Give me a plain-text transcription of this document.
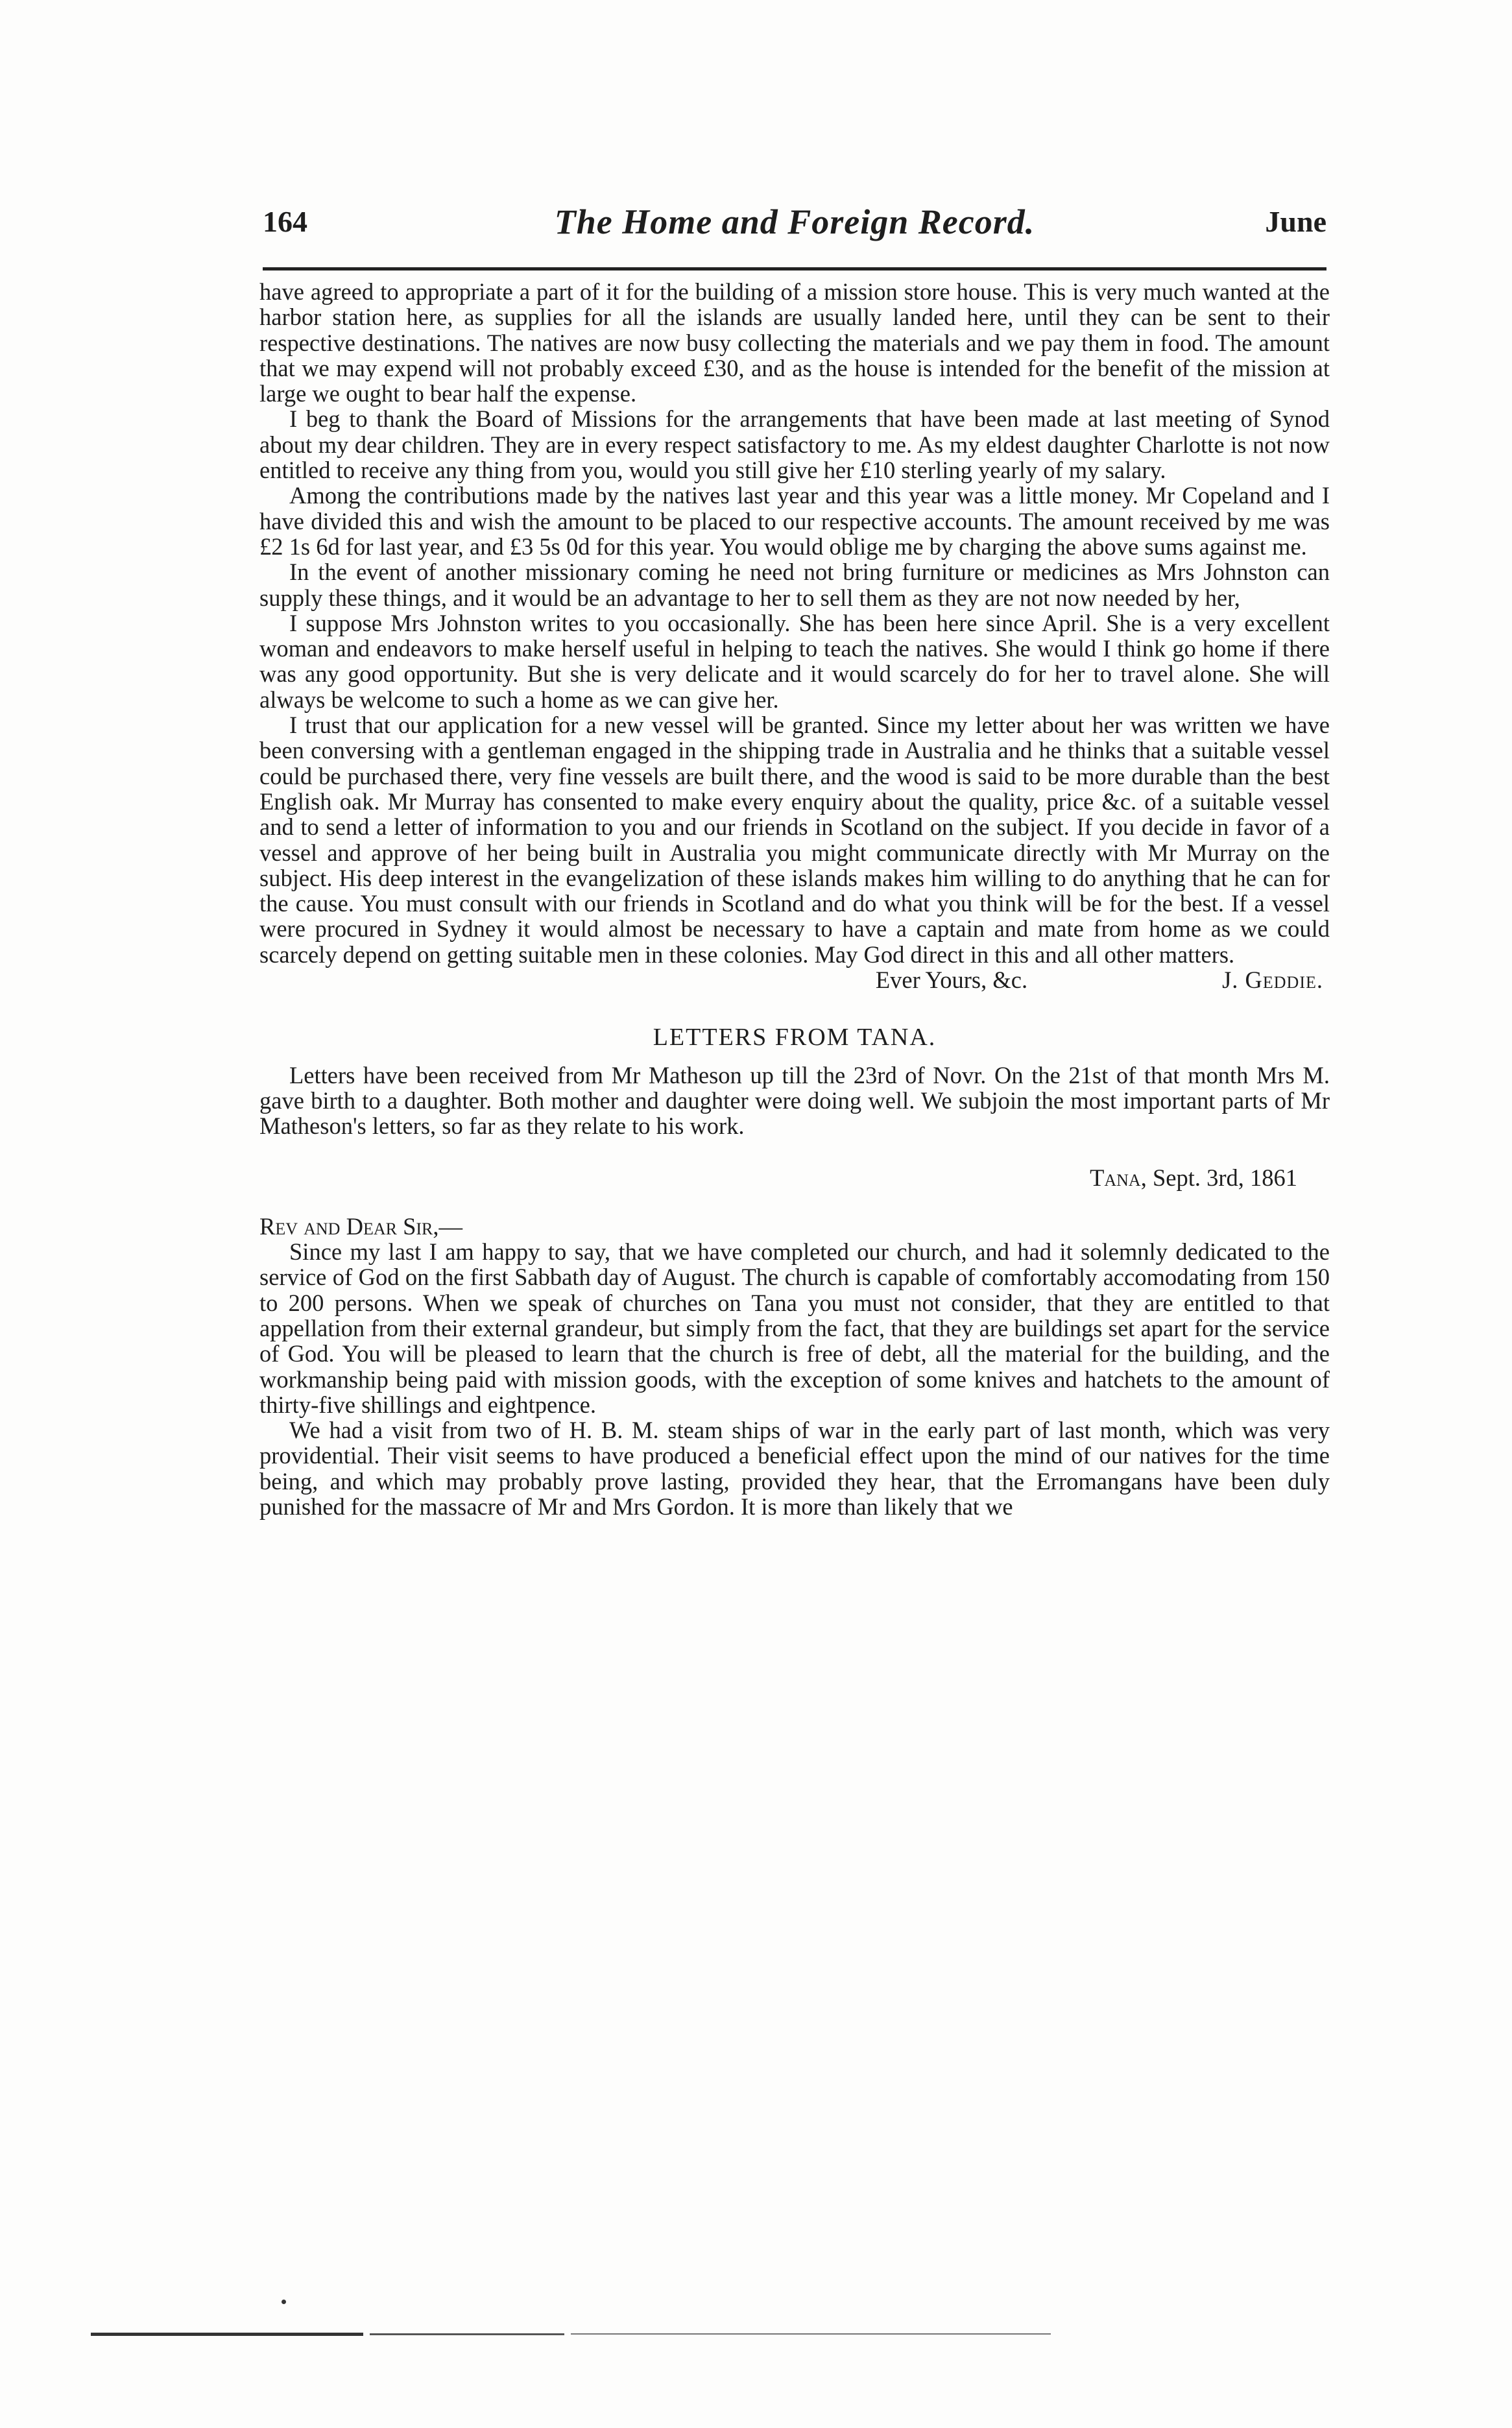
164	The Home and Foreign Record.	June

have agreed to appropriate a part of it for the building of a mission store house. This is very much wanted at the harbor station here, as supplies for all the islands are usually landed here, until they can be sent to their respective destinations. The natives are now busy collecting the materials and we pay them in food. The amount that we may expend will not probably exceed £30, and as the house is intended for the benefit of the mission at large we ought to bear half the expense.

I beg to thank the Board of Missions for the arrangements that have been made at last meeting of Synod about my dear children. They are in every respect satisfactory to me. As my eldest daughter Charlotte is not now entitled to receive any thing from you, would you still give her £10 sterling yearly of my salary.

Among the contributions made by the natives last year and this year was a little money. Mr Copeland and I have divided this and wish the amount to be placed to our respective accounts. The amount received by me was £2 1s 6d for last year, and £3 5s 0d for this year. You would oblige me by charging the above sums against me.

In the event of another missionary coming he need not bring furniture or medicines as Mrs Johnston can supply these things, and it would be an advantage to her to sell them as they are not now needed by her,

I suppose Mrs Johnston writes to you occasionally. She has been here since April. She is a very excellent woman and endeavors to make herself useful in helping to teach the natives. She would I think go home if there was any good opportunity. But she is very delicate and it would scarcely do for her to travel alone. She will always be welcome to such a home as we can give her.

I trust that our application for a new vessel will be granted. Since my letter about her was written we have been conversing with a gentleman engaged in the shipping trade in Australia and he thinks that a suitable vessel could be purchased there, very fine vessels are built there, and the wood is said to be more durable than the best English oak. Mr Murray has consented to make every enquiry about the quality, price &c. of a suitable vessel and to send a letter of information to you and our friends in Scotland on the subject. If you decide in favor of a vessel and approve of her being built in Australia you might communicate directly with Mr Murray on the subject. His deep interest in the evangelization of these islands makes him willing to do anything that he can for the cause. You must consult with our friends in Scotland and do what you think will be for the best. If a vessel were procured in Sydney it would almost be necessary to have a captain and mate from home as we could scarcely depend on getting suitable men in these colonies. May God direct in this and all other matters.

Ever Yours, &c.	J. Geddie.
LETTERS FROM TANA.

Letters have been received from Mr Matheson up till the 23rd of Novr. On the 21st of that month Mrs M. gave birth to a daughter. Both mother and daughter were doing well. We subjoin the most important parts of Mr Matheson's letters, so far as they relate to his work.

Tana, Sept. 3rd, 1861

Rev and Dear Sir,—

Since my last I am happy to say, that we have completed our church, and had it solemnly dedicated to the service of God on the first Sabbath day of August. The church is capable of comfortably accomodating from 150 to 200 persons. When we speak of churches on Tana you must not consider, that they are entitled to that appellation from their external grandeur, but simply from the fact, that they are buildings set apart for the service of God. You will be pleased to learn that the church is free of debt, all the material for the building, and the workmanship being paid with mission goods, with the exception of some knives and hatchets to the amount of thirty-five shillings and eightpence.

We had a visit from two of H. B. M. steam ships of war in the early part of last month, which was very providential. Their visit seems to have produced a beneficial effect upon the mind of our natives for the time being, and which may probably prove lasting, provided they hear, that the Erromangans have been duly punished for the massacre of Mr and Mrs Gordon. It is more than likely that we
